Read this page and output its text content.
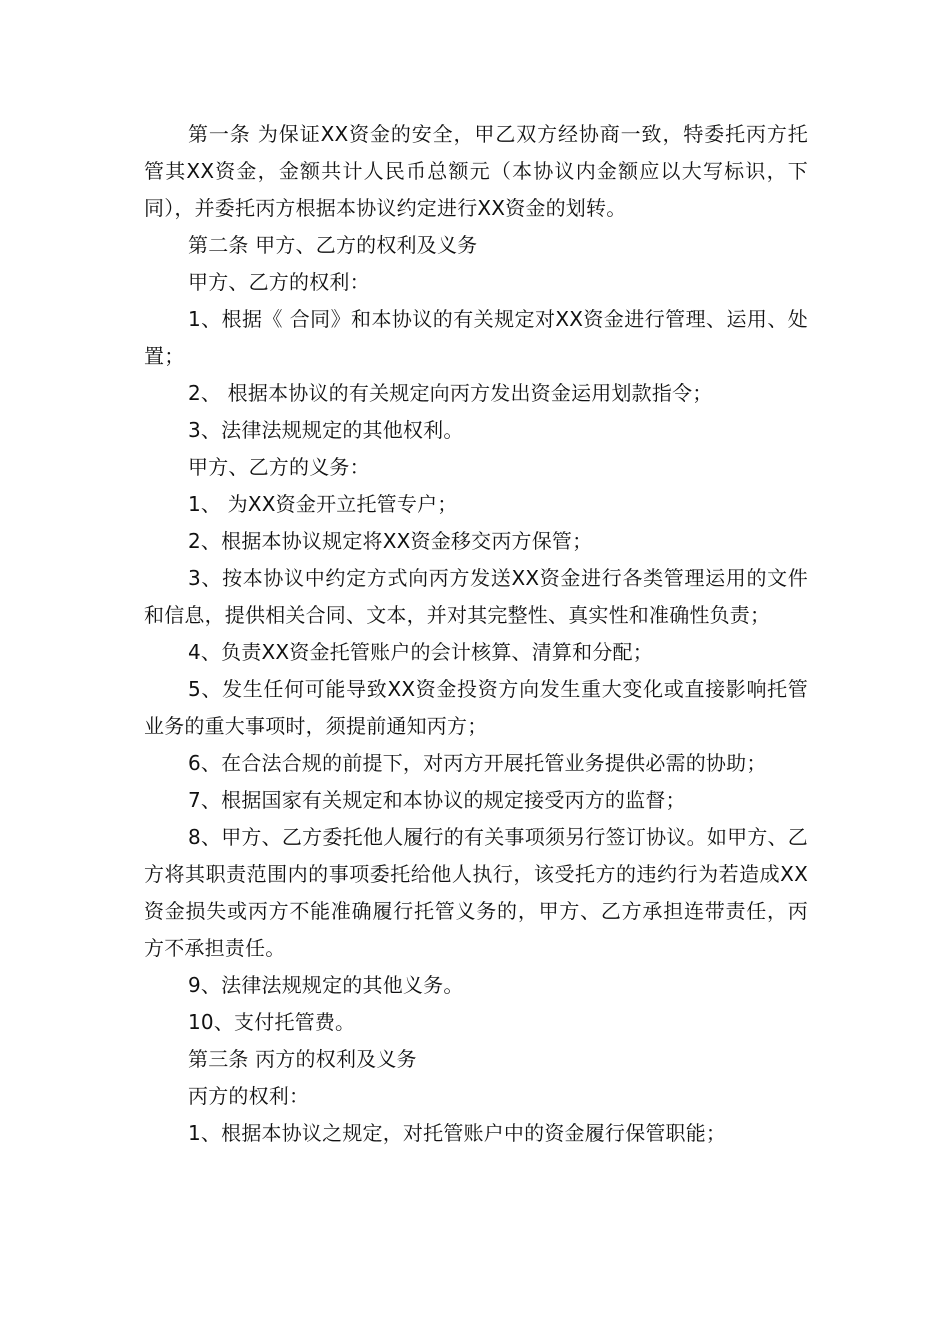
第一条 为保证XX资金的安全，甲乙双方经协商一致，特委托丙方托管其XX资金，金额共计人民币总额元（本协议内金额应以大写标识，下同），并委托丙方根据本协议约定进行XX资金的划转。

第二条 甲方、乙方的权利及义务

甲方、乙方的权利：

1、根据《 合同》和本协议的有关规定对XX资金进行管理、运用、处置；

2、 根据本协议的有关规定向丙方发出资金运用划款指令；

3、法律法规规定的其他权利。

甲方、乙方的义务：

1、 为XX资金开立托管专户；

2、根据本协议规定将XX资金移交丙方保管；

3、按本协议中约定方式向丙方发送XX资金进行各类管理运用的文件和信息，提供相关合同、文本，并对其完整性、真实性和准确性负责；

4、负责XX资金托管账户的会计核算、清算和分配；

5、发生任何可能导致XX资金投资方向发生重大变化或直接影响托管业务的重大事项时，须提前通知丙方；

6、在合法合规的前提下，对丙方开展托管业务提供必需的协助；

7、根据国家有关规定和本协议的规定接受丙方的监督；

8、甲方、乙方委托他人履行的有关事项须另行签订协议。如甲方、乙方将其职责范围内的事项委托给他人执行，该受托方的违约行为若造成XX资金损失或丙方不能准确履行托管义务的，甲方、乙方承担连带责任，丙方不承担责任。

9、法律法规规定的其他义务。

10、支付托管费。

第三条 丙方的权利及义务

丙方的权利：

1、根据本协议之规定，对托管账户中的资金履行保管职能；
